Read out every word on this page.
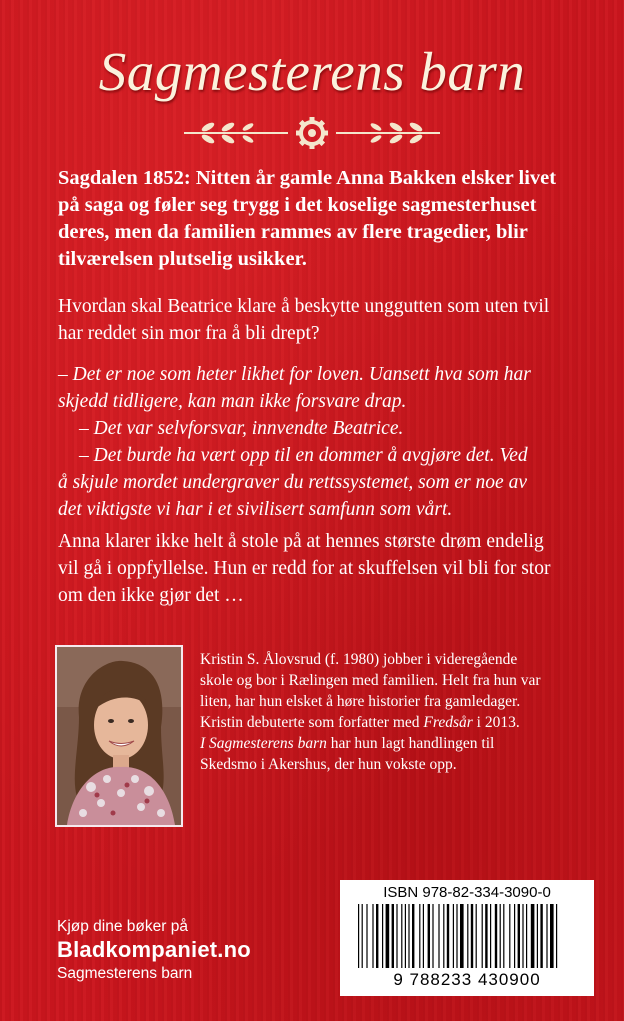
Sagmesterens barn
Sagdalen 1852: Nitten år gamle Anna Bakken elsker livet
på saga og føler seg trygg i det koselige sagmesterhuset
deres, men da familien rammes av flere tragedier, blir
tilværelsen plutselig usikker.
Hvordan skal Beatrice klare å beskytte unggutten som uten tvil
har reddet sin mor fra å bli drept?
– Det er noe som heter likhet for loven. Uansett hva som har
skjedd tidligere, kan man ikke forsvare drap.
– Det var selvforsvar, innvendte Beatrice.
– Det burde ha vært opp til en dommer å avgjøre det. Ved
å skjule mordet undergraver du rettssystemet, som er noe av
det viktigste vi har i et sivilisert samfunn som vårt.
Anna klarer ikke helt å stole på at hennes største drøm endelig
vil gå i oppfyllelse. Hun er redd for at skuffelsen vil bli for stor
om den ikke gjør det …
Kristin S. Ålovsrud (f. 1980) jobber i videregående
skole og bor i Rælingen med familien. Helt fra hun var
liten, har hun elsket å høre historier fra gamledager.
Kristin debuterte som forfatter med Fredsår i 2013.
I Sagmesterens barn har hun lagt handlingen til
Skedsmo i Akershus, der hun vokste opp.
ISBN 978-82-334-3090-0
9 788233 430900
Kjøp dine bøker på
Bladkompaniet.no
Sagmesterens barn
